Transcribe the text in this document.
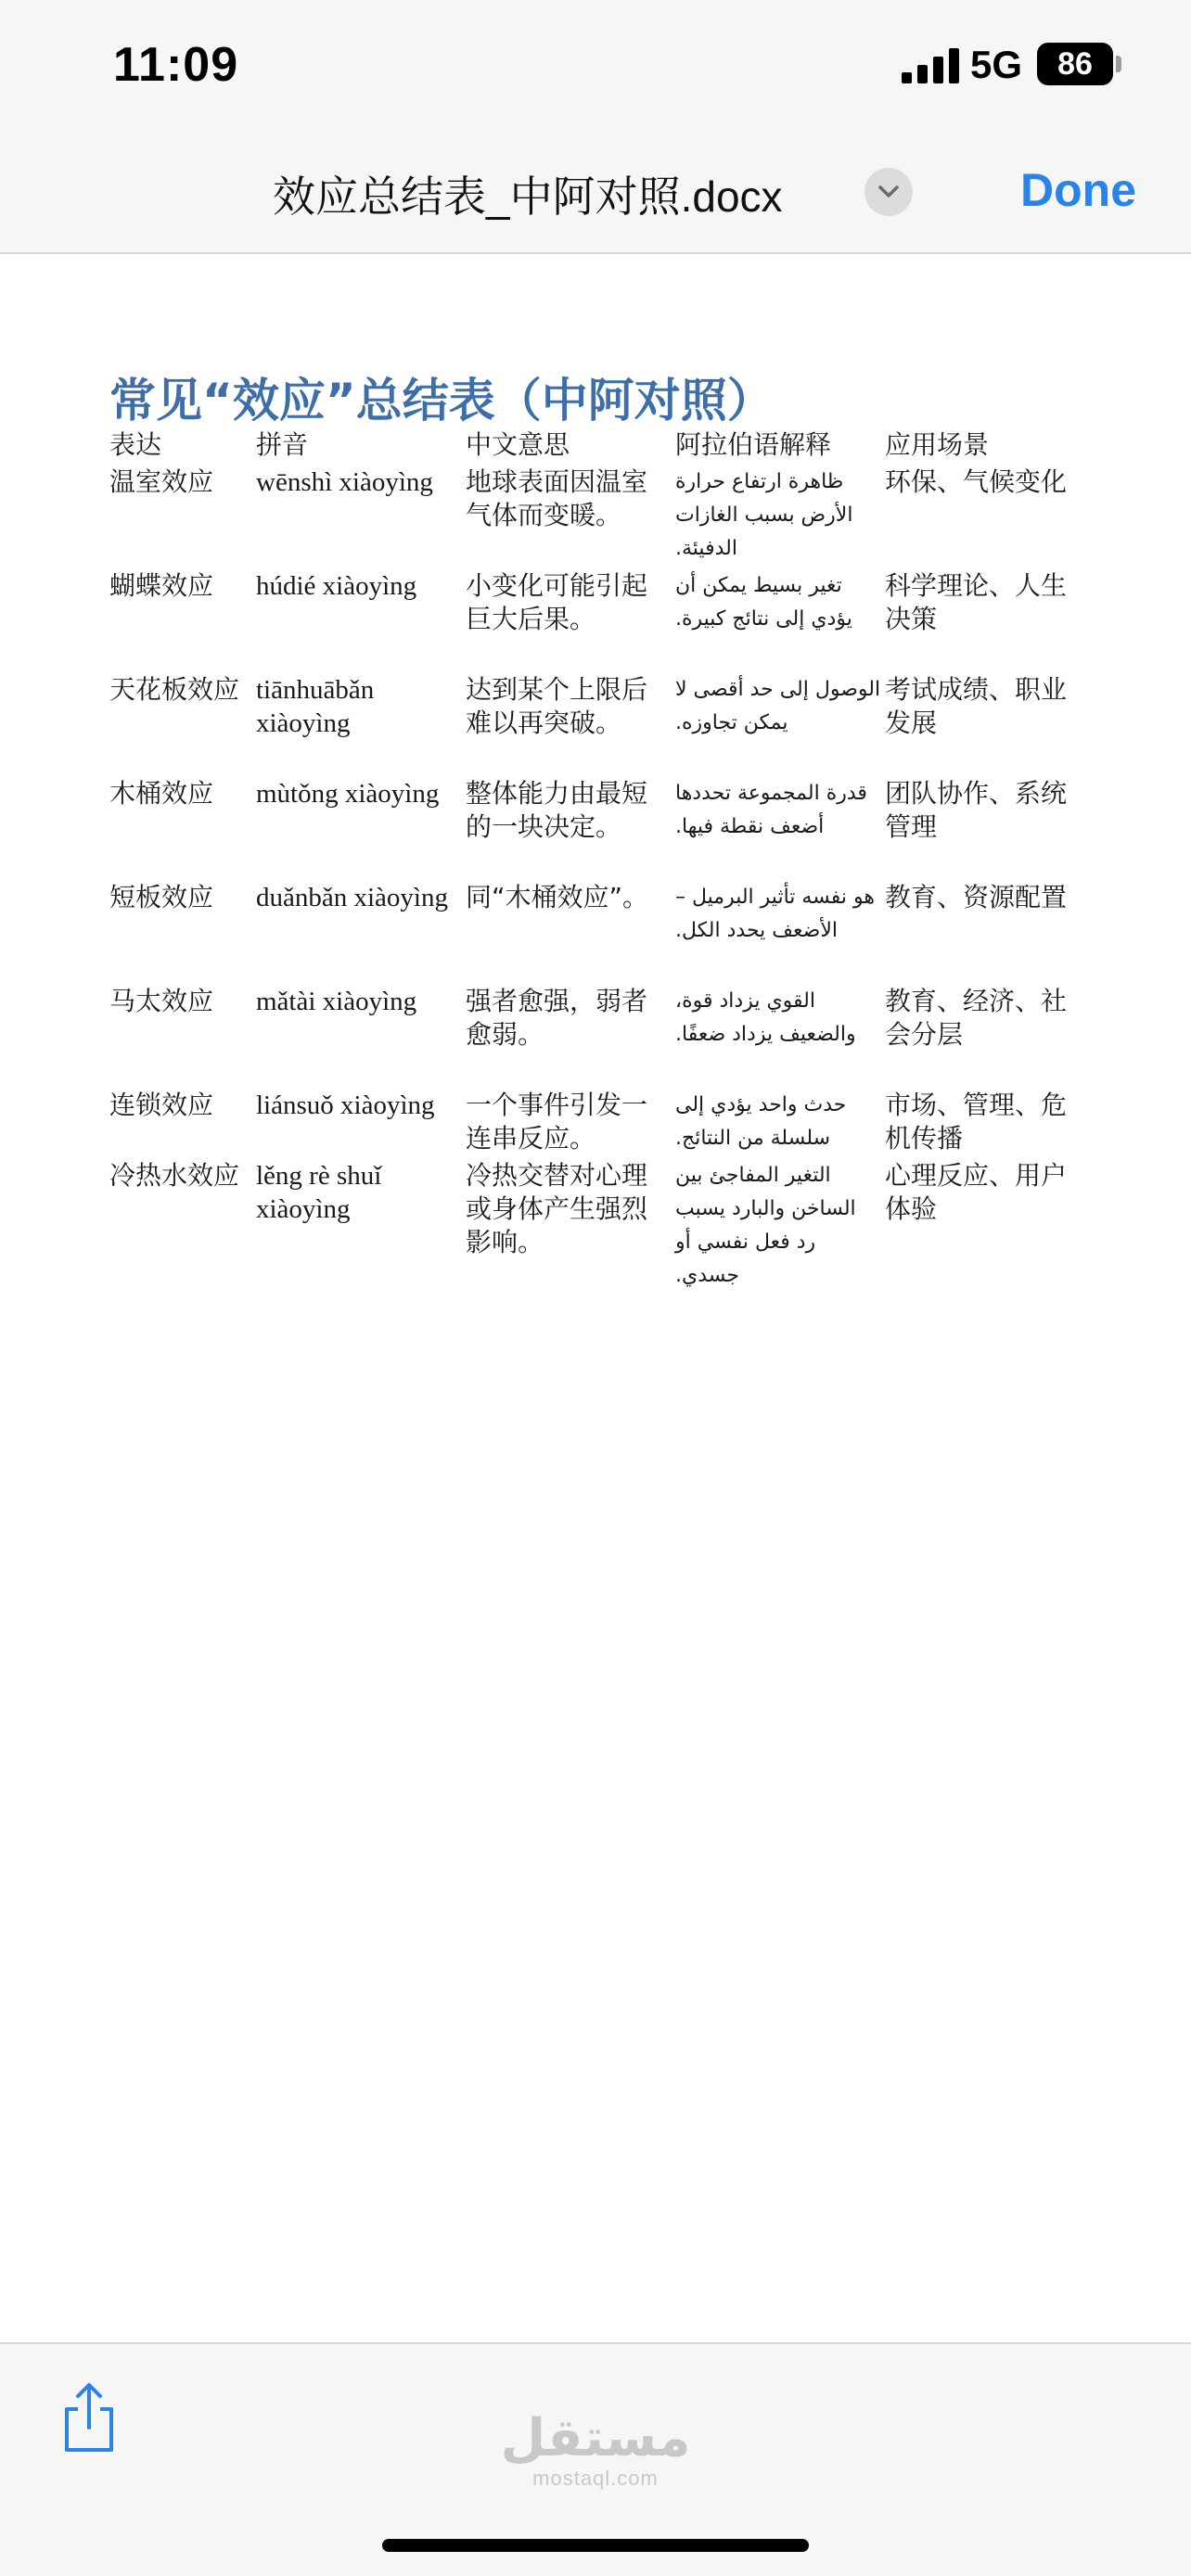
11:09	5G	86
效应总结表_中阿对照.docx	Done
常见“效应”总结表（中阿对照）
表达	拼音	中文意思	阿拉伯语解释	应用场景
温室效应	wēnshì xiàoyìng	地球表面因温室气体而变暖。	ظاهرة ارتفاع حرارة الأرض بسبب الغازات الدفيئة.	环保、气候变化
蝴蝶效应	húdié xiàoyìng	小变化可能引起巨大后果。	تغير بسيط يمكن أن يؤدي إلى نتائج كبيرة.	科学理论、人生决策
天花板效应	tiānhuābǎn xiàoyìng	达到某个上限后难以再突破。	الوصول إلى حد أقصى لا يمكن تجاوزه.	考试成绩、职业发展
木桶效应	mùtǒng xiàoyìng	整体能力由最短的一块决定。	قدرة المجموعة تحددها أضعف نقطة فيها.	团队协作、系统管理
短板效应	duǎnbǎn xiàoyìng	同“木桶效应”。	هو نفسه تأثير البرميل – الأضعف يحدد الكل.	教育、资源配置
马太效应	mǎtài xiàoyìng	强者愈强，弱者愈弱。	القوي يزداد قوة، والضعيف يزداد ضعفًا.	教育、经济、社会分层
连锁效应	liánsuǒ xiàoyìng	一个事件引发一连串反应。	حدث واحد يؤدي إلى سلسلة من النتائج.	市场、管理、危机传播
冷热水效应	lěng rè shuǐ xiàoyìng	冷热交替对心理或身体产生强烈影响。	التغير المفاجئ بين الساخن والبارد يسبب رد فعل نفسي أو جسدي.	心理反应、用户体验
مستقل
mostaql.com
